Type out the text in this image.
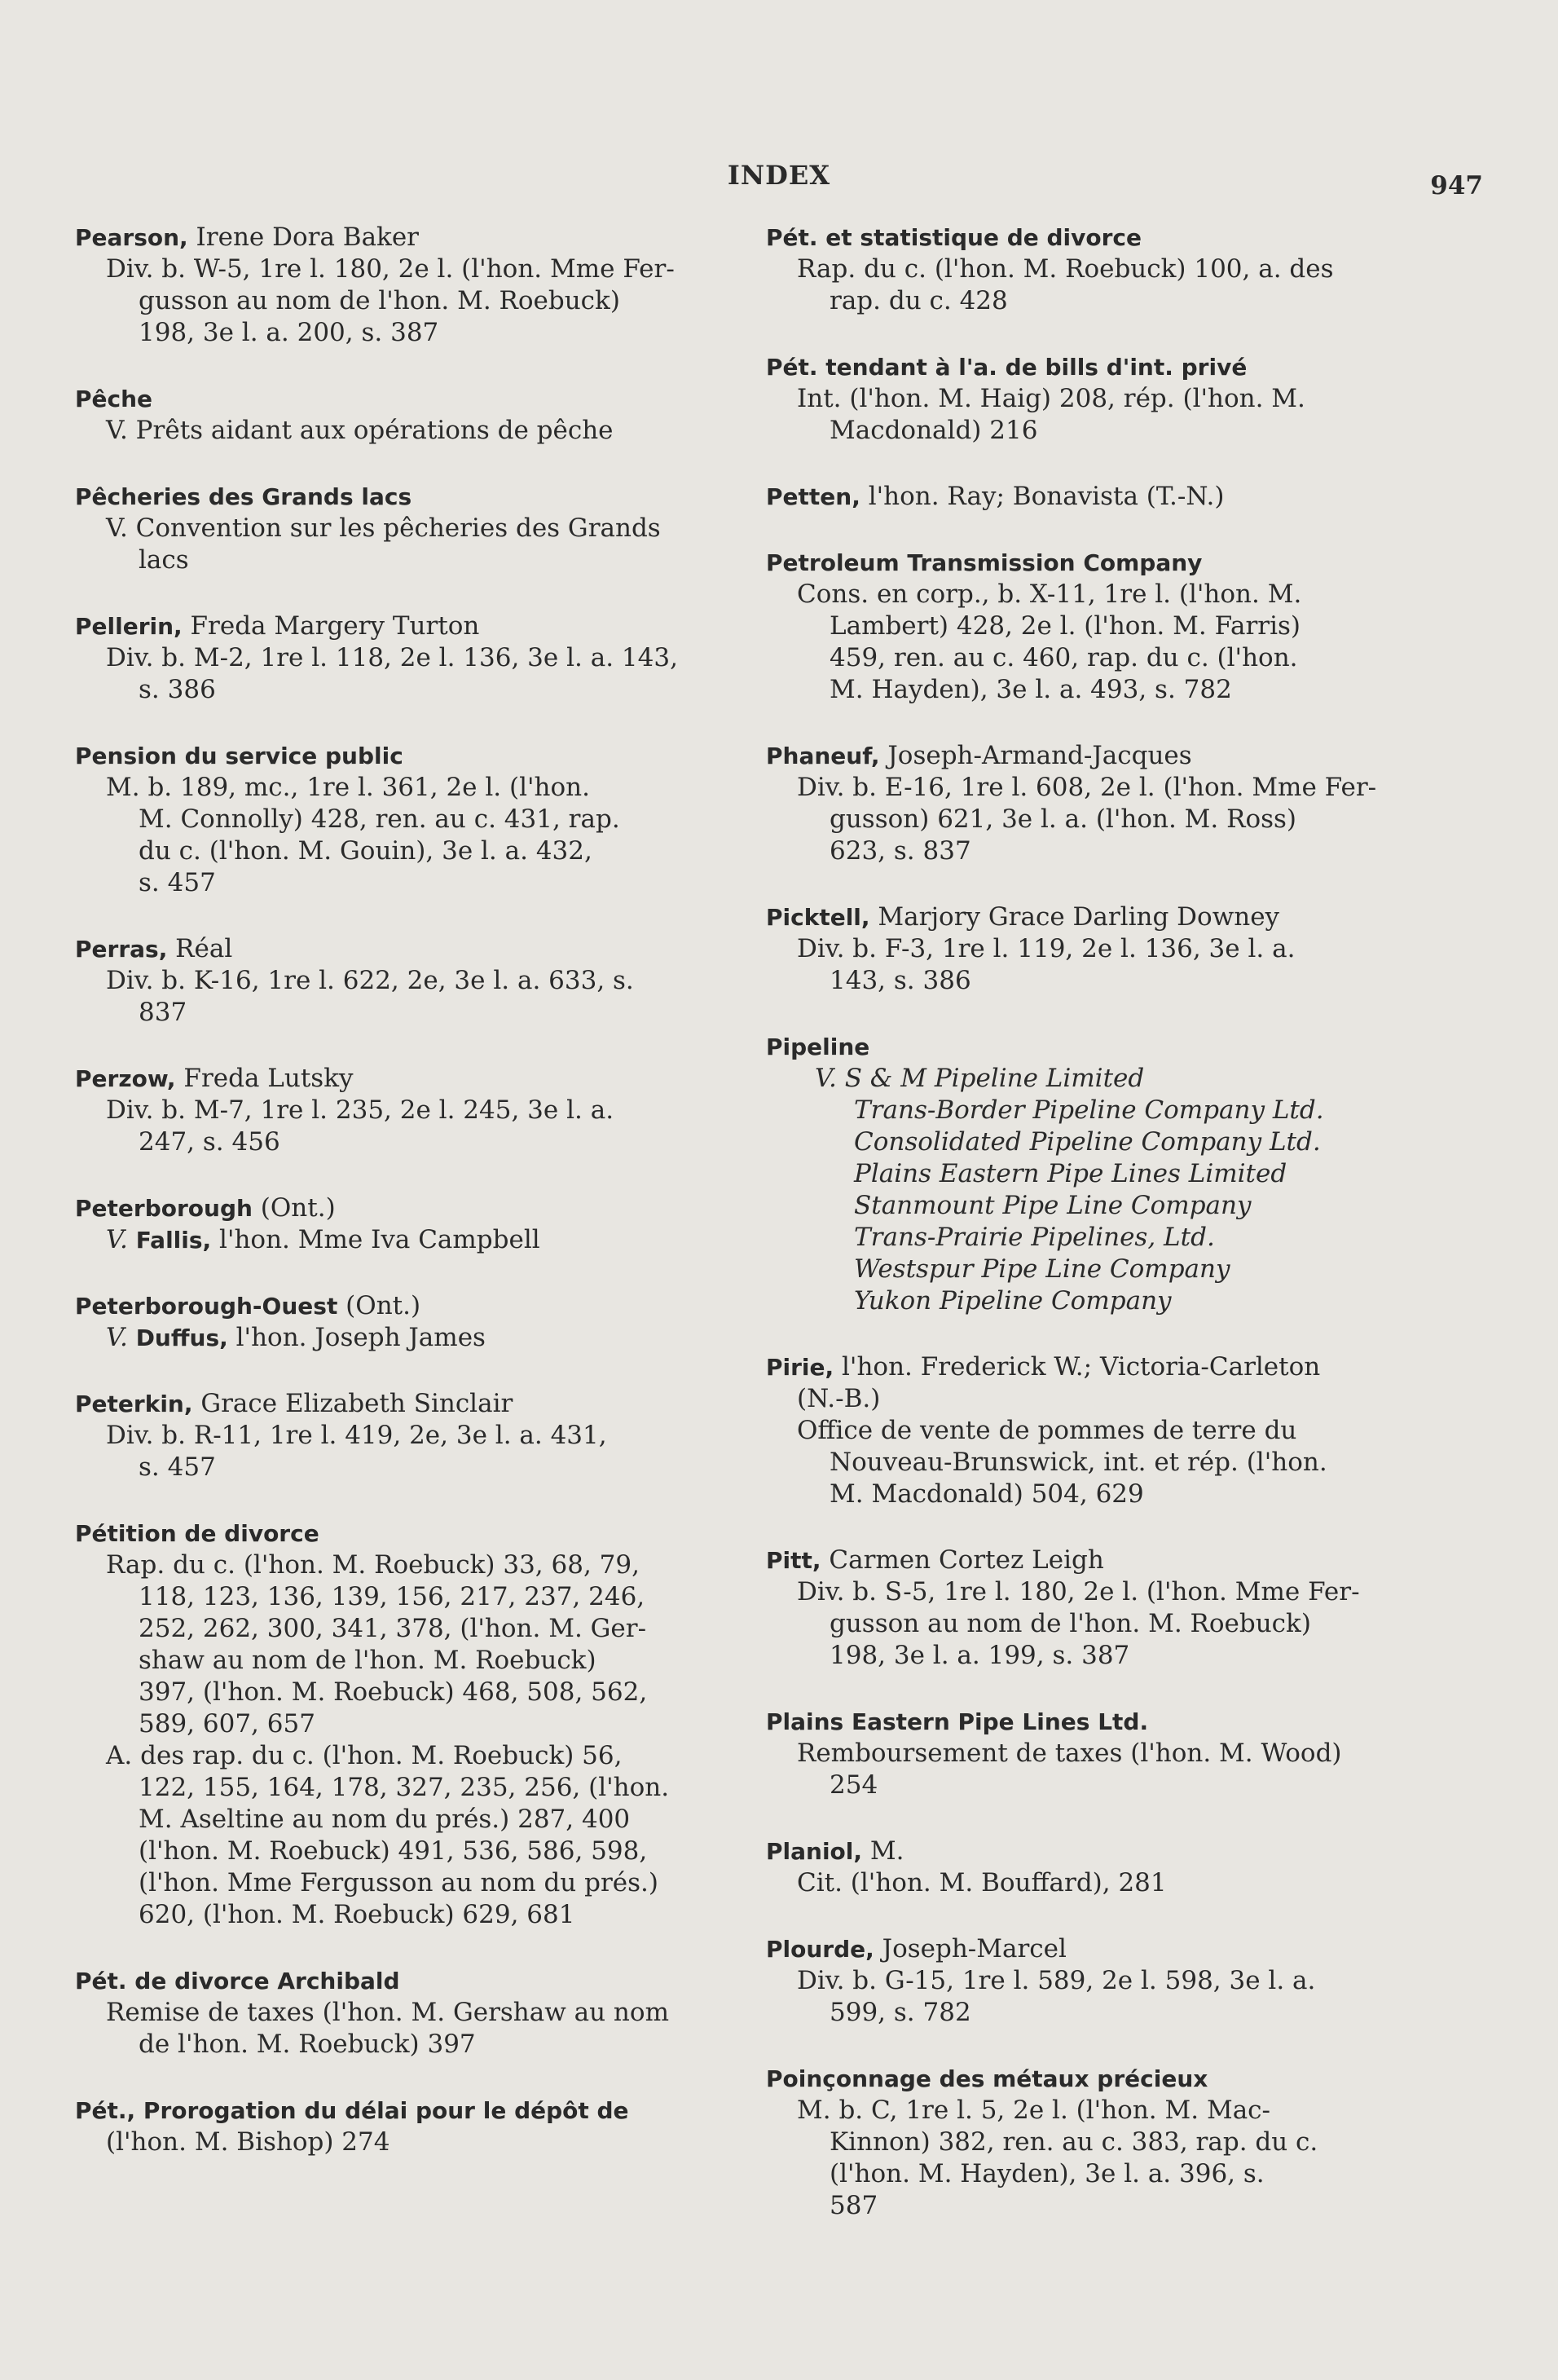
INDEX	947
Pearson, Irene Dora Baker
Div. b. W-5, 1re l. 180, 2e l. (l'hon. Mme Fer-
gusson au nom de l'hon. M. Roebuck)
198, 3e l. a. 200, s. 387
Pêche
V. Prêts aidant aux opérations de pêche
Pêcheries des Grands lacs
V. Convention sur les pêcheries des Grands
lacs
Pellerin, Freda Margery Turton
Div. b. M-2, 1re l. 118, 2e l. 136, 3e l. a. 143,
s. 386
Pension du service public
M. b. 189, mc., 1re l. 361, 2e l. (l'hon.
M. Connolly) 428, ren. au c. 431, rap.
du c. (l'hon. M. Gouin), 3e l. a. 432,
s. 457
Perras, Réal
Div. b. K-16, 1re l. 622, 2e, 3e l. a. 633, s.
837
Perzow, Freda Lutsky
Div. b. M-7, 1re l. 235, 2e l. 245, 3e l. a.
247, s. 456
Peterborough (Ont.)
V. Fallis, l'hon. Mme Iva Campbell
Peterborough-Ouest (Ont.)
V. Duffus, l'hon. Joseph James
Peterkin, Grace Elizabeth Sinclair
Div. b. R-11, 1re l. 419, 2e, 3e l. a. 431,
s. 457
Pétition de divorce
Rap. du c. (l'hon. M. Roebuck) 33, 68, 79,
118, 123, 136, 139, 156, 217, 237, 246,
252, 262, 300, 341, 378, (l'hon. M. Ger-
shaw au nom de l'hon. M. Roebuck)
397, (l'hon. M. Roebuck) 468, 508, 562,
589, 607, 657
A. des rap. du c. (l'hon. M. Roebuck) 56,
122, 155, 164, 178, 327, 235, 256, (l'hon.
M. Aseltine au nom du prés.) 287, 400
(l'hon. M. Roebuck) 491, 536, 586, 598,
(l'hon. Mme Fergusson au nom du prés.)
620, (l'hon. M. Roebuck) 629, 681
Pét. de divorce Archibald
Remise de taxes (l'hon. M. Gershaw au nom
de l'hon. M. Roebuck) 397
Pét., Prorogation du délai pour le dépôt de
(l'hon. M. Bishop) 274
Pét. et statistique de divorce
Rap. du c. (l'hon. M. Roebuck) 100, a. des
rap. du c. 428
Pét. tendant à l'a. de bills d'int. privé
Int. (l'hon. M. Haig) 208, rép. (l'hon. M.
Macdonald) 216
Petten, l'hon. Ray; Bonavista (T.-N.)
Petroleum Transmission Company
Cons. en corp., b. X-11, 1re l. (l'hon. M.
Lambert) 428, 2e l. (l'hon. M. Farris)
459, ren. au c. 460, rap. du c. (l'hon.
M. Hayden), 3e l. a. 493, s. 782
Phaneuf, Joseph-Armand-Jacques
Div. b. E-16, 1re l. 608, 2e l. (l'hon. Mme Fer-
gusson) 621, 3e l. a. (l'hon. M. Ross)
623, s. 837
Picktell, Marjory Grace Darling Downey
Div. b. F-3, 1re l. 119, 2e l. 136, 3e l. a.
143, s. 386
Pipeline
V. S & M Pipeline Limited
Trans-Border Pipeline Company Ltd.
Consolidated Pipeline Company Ltd.
Plains Eastern Pipe Lines Limited
Stanmount Pipe Line Company
Trans-Prairie Pipelines, Ltd.
Westspur Pipe Line Company
Yukon Pipeline Company
Pirie, l'hon. Frederick W.; Victoria-Carleton
(N.-B.)
Office de vente de pommes de terre du
Nouveau-Brunswick, int. et rép. (l'hon.
M. Macdonald) 504, 629
Pitt, Carmen Cortez Leigh
Div. b. S-5, 1re l. 180, 2e l. (l'hon. Mme Fer-
gusson au nom de l'hon. M. Roebuck)
198, 3e l. a. 199, s. 387
Plains Eastern Pipe Lines Ltd.
Remboursement de taxes (l'hon. M. Wood)
254
Planiol, M.
Cit. (l'hon. M. Bouffard), 281
Plourde, Joseph-Marcel
Div. b. G-15, 1re l. 589, 2e l. 598, 3e l. a.
599, s. 782
Poinçonnage des métaux précieux
M. b. C, 1re l. 5, 2e l. (l'hon. M. Mac-
Kinnon) 382, ren. au c. 383, rap. du c.
(l'hon. M. Hayden), 3e l. a. 396, s.
587
